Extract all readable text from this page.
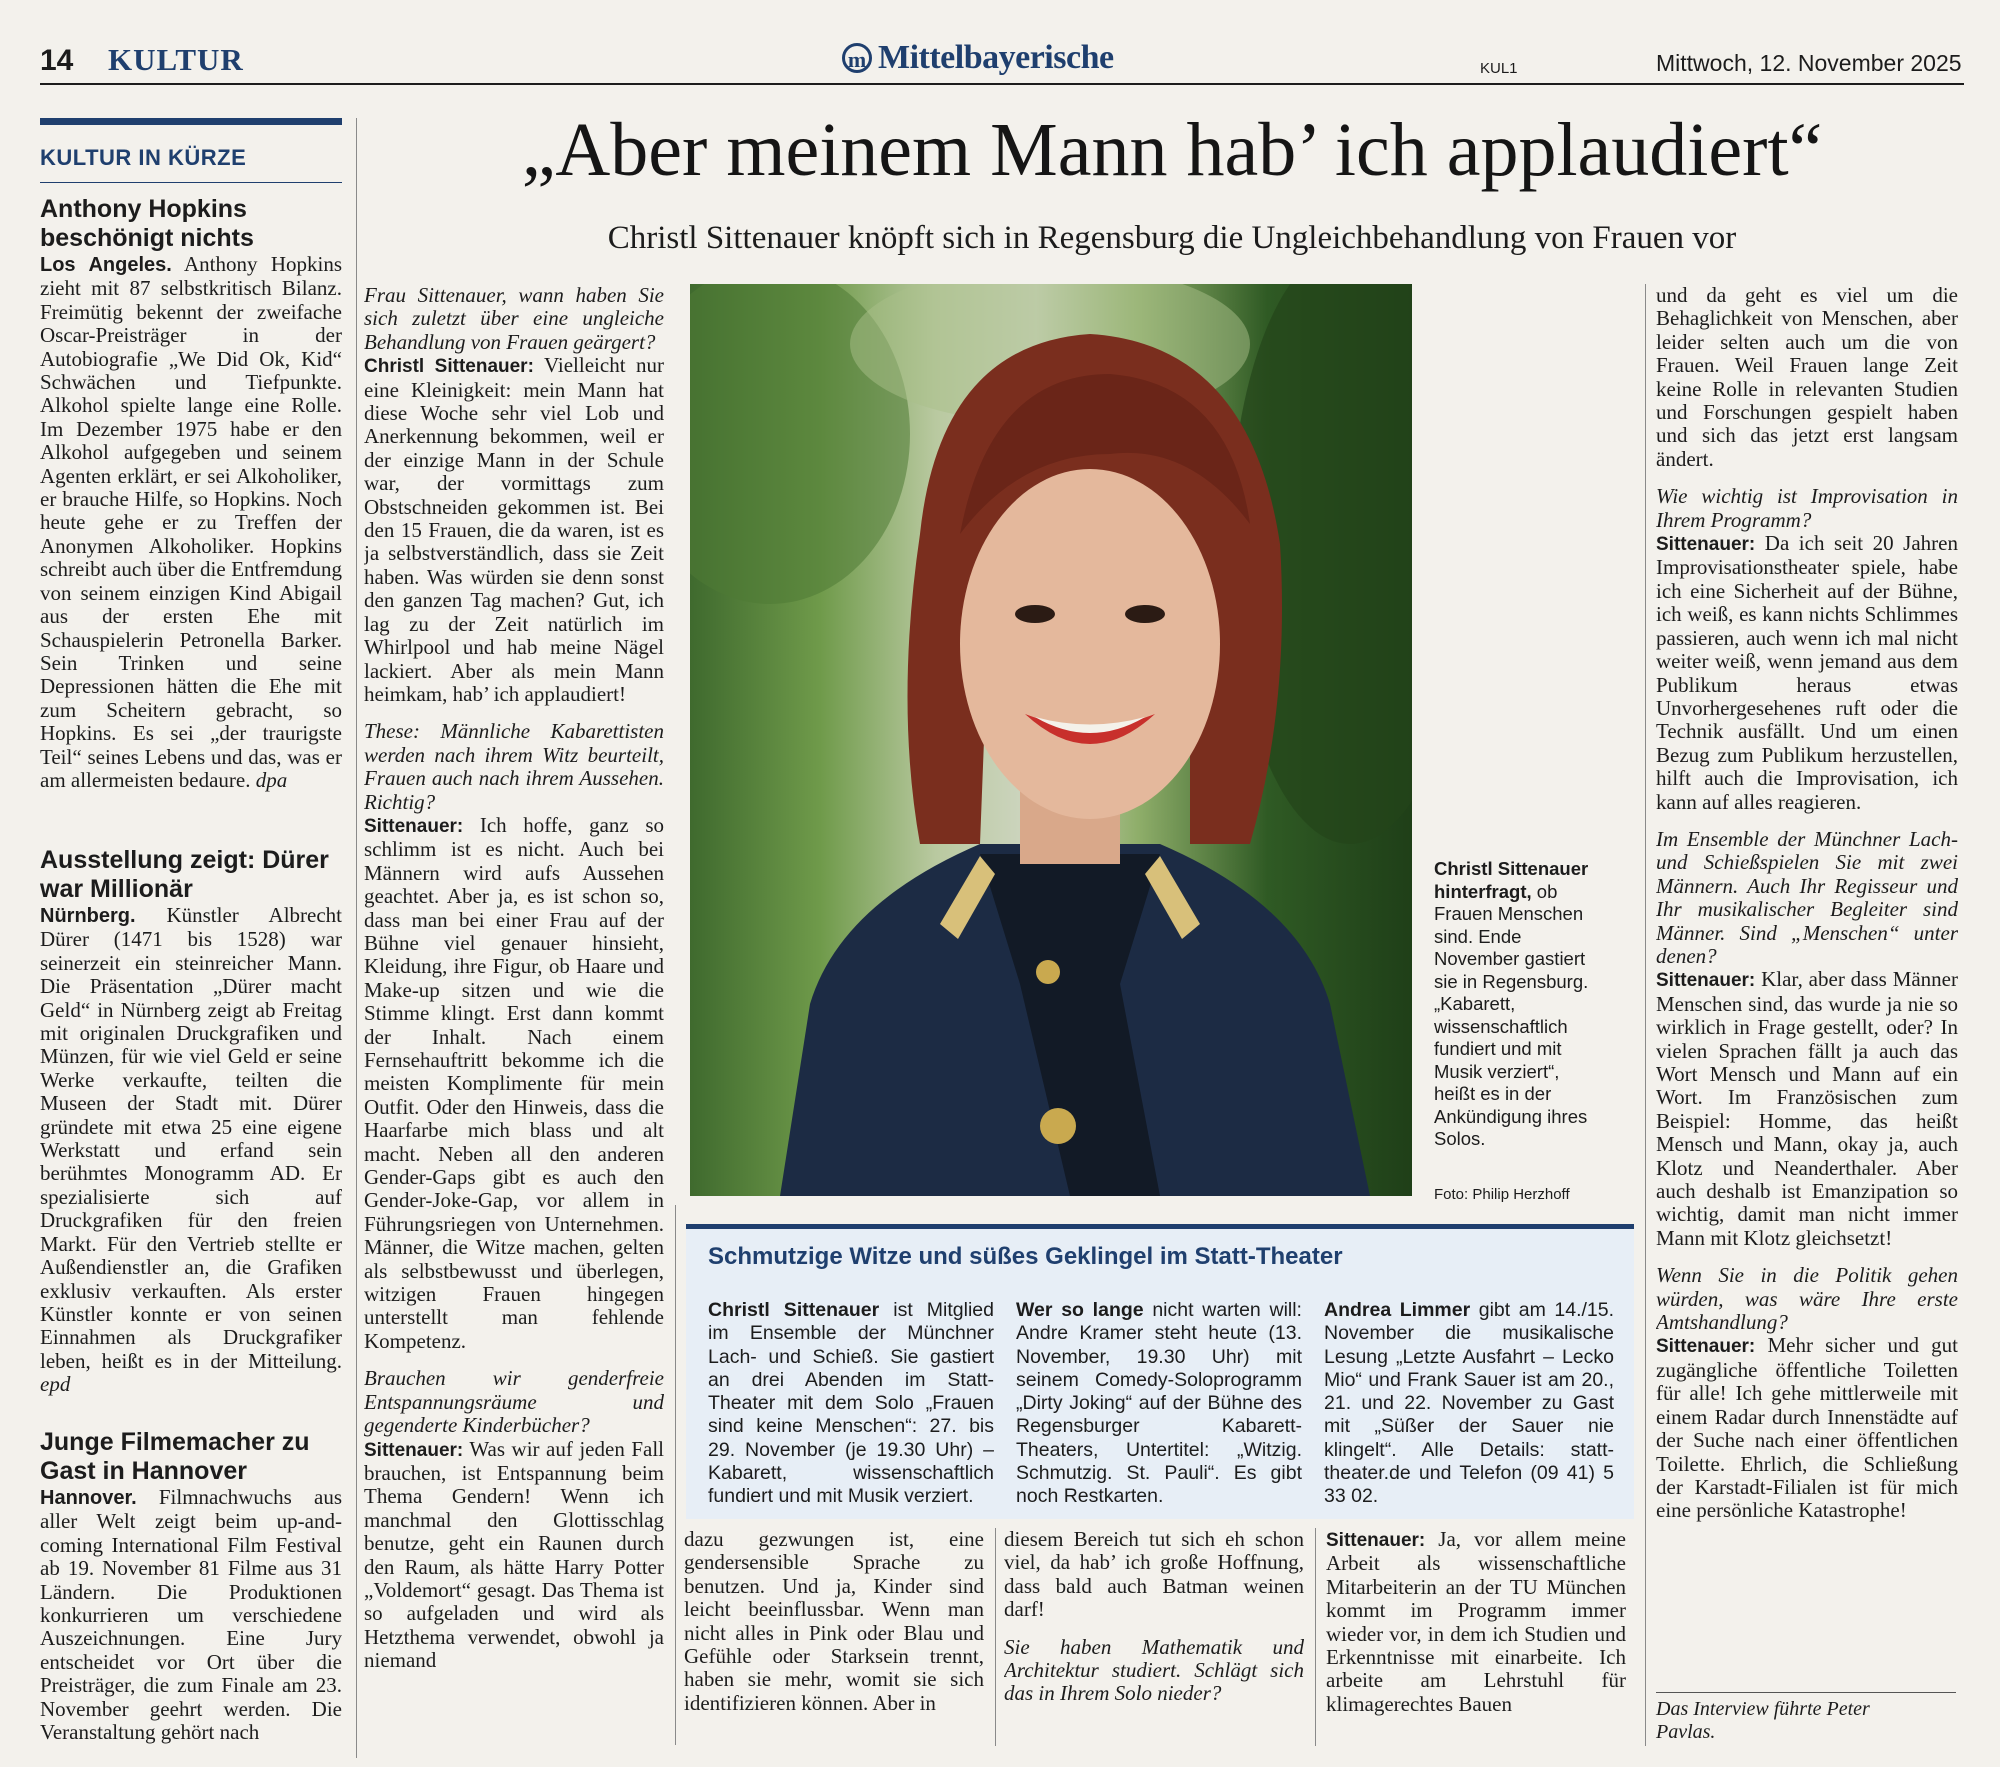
14 KULTUR	m Mittelbayerische	KUL1	Mittwoch, 12. November 2025
KULTUR IN KÜRZE

Anthony Hopkins beschönigt nichts

Los Angeles. Anthony Hopkins zieht mit 87 selbstkritisch Bilanz. Freimütig bekennt der zweifache Oscar-Preisträger in der Autobiografie „We Did Ok, Kid“ Schwächen und Tiefpunkte. Alkohol spielte lange eine Rolle. Im Dezember 1975 habe er den Alkohol aufgegeben und seinem Agenten erklärt, er sei Alkoholiker, er brauche Hilfe, so Hopkins. Noch heute gehe er zu Treffen der Anonymen Alkoholiker. Hopkins schreibt auch über die Entfremdung von seinem einzigen Kind Abigail aus der ersten Ehe mit Schauspielerin Petronella Barker. Sein Trinken und seine Depressionen hätten die Ehe mit zum Scheitern gebracht, so Hopkins. Es sei „der traurigste Teil“ seines Lebens und das, was er am allermeisten bedaure. dpa

Ausstellung zeigt: Dürer war Millionär

Nürnberg. Künstler Albrecht Dürer (1471 bis 1528) war seinerzeit ein steinreicher Mann. Die Präsentation „Dürer macht Geld“ in Nürnberg zeigt ab Freitag mit originalen Druckgrafiken und Münzen, für wie viel Geld er seine Werke verkaufte, teilten die Museen der Stadt mit. Dürer gründete mit etwa 25 eine eigene Werkstatt und erfand sein berühmtes Monogramm AD. Er spezialisierte sich auf Druckgrafiken für den freien Markt. Für den Vertrieb stellte er Außendienstler an, die Grafiken exklusiv verkauften. Als erster Künstler konnte er von seinen Einnahmen als Druckgrafiker leben, heißt es in der Mitteilung. epd

Junge Filmemacher zu Gast in Hannover

Hannover. Filmnachwuchs aus aller Welt zeigt beim up-and-coming International Film Festival ab 19. November 81 Filme aus 31 Ländern. Die Produktionen konkurrieren um verschiedene Auszeichnungen. Eine Jury entscheidet vor Ort über die Preisträger, die zum Finale am 23. November geehrt werden. Die Veranstaltung gehört nach

„Aber meinem Mann hab’ ich applaudiert“
Christl Sittenauer knöpft sich in Regensburg die Ungleichbehandlung von Frauen vor

Frau Sittenauer, wann haben Sie sich zuletzt über eine ungleiche Behandlung von Frauen geärgert?

Christl Sittenauer: Vielleicht nur eine Kleinigkeit: mein Mann hat diese Woche sehr viel Lob und Anerkennung bekommen, weil er der einzige Mann in der Schule war, der vormittags zum Obstschneiden gekommen ist. Bei den 15 Frauen, die da waren, ist es ja selbstverständlich, dass sie Zeit haben. Was würden sie denn sonst den ganzen Tag machen? Gut, ich lag zu der Zeit natürlich im Whirlpool und hab meine Nägel lackiert. Aber als mein Mann heimkam, hab’ ich applaudiert!

These: Männliche Kabarettisten werden nach ihrem Witz beurteilt, Frauen auch nach ihrem Aussehen. Richtig?

Sittenauer: Ich hoffe, ganz so schlimm ist es nicht. Auch bei Männern wird aufs Aussehen geachtet. Aber ja, es ist schon so, dass man bei einer Frau auf der Bühne viel genauer hinsieht, Kleidung, ihre Figur, ob Haare und Make-up sitzen und wie die Stimme klingt. Erst dann kommt der Inhalt. Nach einem Fernsehauftritt bekomme ich die meisten Komplimente für mein Outfit. Oder den Hinweis, dass die Haarfarbe mich blass und alt macht. Neben all den anderen Gender-Gaps gibt es auch den Gender-Joke-Gap, vor allem in Führungsriegen von Unternehmen. Männer, die Witze machen, gelten als selbstbewusst und überlegen, witzigen Frauen hingegen unterstellt man fehlende Kompetenz.

Brauchen wir genderfreie Entspannungsräume und gegenderte Kinderbücher?

Sittenauer: Was wir auf jeden Fall brauchen, ist Entspannung beim Thema Gendern! Wenn ich manchmal den Glottisschlag benutze, geht ein Raunen durch den Raum, als hätte Harry Potter „Voldemort“ gesagt. Das Thema ist so aufgeladen und wird als Hetzthema verwendet, obwohl ja niemand

Christl Sittenauer hinterfragt, ob Frauen Menschen sind. Ende November gastiert sie in Regensburg. „Kabarett, wissenschaftlich fundiert und mit Musik verziert“, heißt es in der Ankündigung ihres Solos.
Foto: Philip Herzhoff
Schmutzige Witze und süßes Geklingel im Statt-Theater
Christl Sittenauer ist Mitglied im Ensemble der Münchner Lach- und Schieß. Sie gastiert an drei Abenden im Statt-Theater mit dem Solo „Frauen sind keine Menschen“: 27. bis 29. November (je 19.30 Uhr) – Kabarett, wissenschaftlich fundiert und mit Musik verziert.
Wer so lange nicht warten will: Andre Kramer steht heute (13. November, 19.30 Uhr) mit seinem Comedy-Soloprogramm „Dirty Joking“ auf der Bühne des Regensburger Kabarett-Theaters, Untertitel: „Witzig. Schmutzig. St. Pauli“. Es gibt noch Restkarten.
Andrea Limmer gibt am 14./15. November die musikalische Lesung „Letzte Ausfahrt – Lecko Mio“ und Frank Sauer ist am 20., 21. und 22. November zu Gast mit „Süßer der Sauer nie klingelt“. Alle Details: statt-theater.de und Telefon (09 41) 5 33 02.

dazu gezwungen ist, eine gendersensible Sprache zu benutzen. Und ja, Kinder sind leicht beeinflussbar. Wenn man nicht alles in Pink oder Blau und Gefühle oder Starksein trennt, haben sie mehr, womit sie sich identifizieren können. Aber in

diesem Bereich tut sich eh schon viel, da hab’ ich große Hoffnung, dass bald auch Batman weinen darf!

Sie haben Mathematik und Architektur studiert. Schlägt sich das in Ihrem Solo nieder?

Sittenauer: Ja, vor allem meine Arbeit als wissenschaftliche Mitarbeiterin an der TU München kommt im Programm immer wieder vor, in dem ich Studien und Erkenntnisse mit einarbeite. Ich arbeite am Lehrstuhl für klimagerechtes Bauen

und da geht es viel um die Behaglichkeit von Menschen, aber leider selten auch um die von Frauen. Weil Frauen lange Zeit keine Rolle in relevanten Studien und Forschungen gespielt haben und sich das jetzt erst langsam ändert.

Wie wichtig ist Improvisation in Ihrem Programm?

Sittenauer: Da ich seit 20 Jahren Improvisationstheater spiele, habe ich eine Sicherheit auf der Bühne, ich weiß, es kann nichts Schlimmes passieren, auch wenn ich mal nicht weiter weiß, wenn jemand aus dem Publikum heraus etwas Unvorhergesehenes ruft oder die Technik ausfällt. Und um einen Bezug zum Publikum herzustellen, hilft auch die Improvisation, ich kann auf alles reagieren.

Im Ensemble der Münchner Lach- und Schießspielen Sie mit zwei Männern. Auch Ihr Regisseur und Ihr musikalischer Begleiter sind Männer. Sind „Menschen“ unter denen?

Sittenauer: Klar, aber dass Männer Menschen sind, das wurde ja nie so wirklich in Frage gestellt, oder? In vielen Sprachen fällt ja auch das Wort Mensch und Mann auf ein Wort. Im Französischen zum Beispiel: Homme, das heißt Mensch und Mann, okay ja, auch Klotz und Neanderthaler. Aber auch deshalb ist Emanzipation so wichtig, damit man nicht immer Mann mit Klotz gleichsetzt!

Wenn Sie in die Politik gehen würden, was wäre Ihre erste Amtshandlung?

Sittenauer: Mehr sicher und gut zugängliche öffentliche Toiletten für alle! Ich gehe mittlerweile mit einem Radar durch Innenstädte auf der Suche nach einer öffentlichen Toilette. Ehrlich, die Schließung der Karstadt-Filialen ist für mich eine persönliche Katastrophe!

Das Interview führte Peter Pavlas.
